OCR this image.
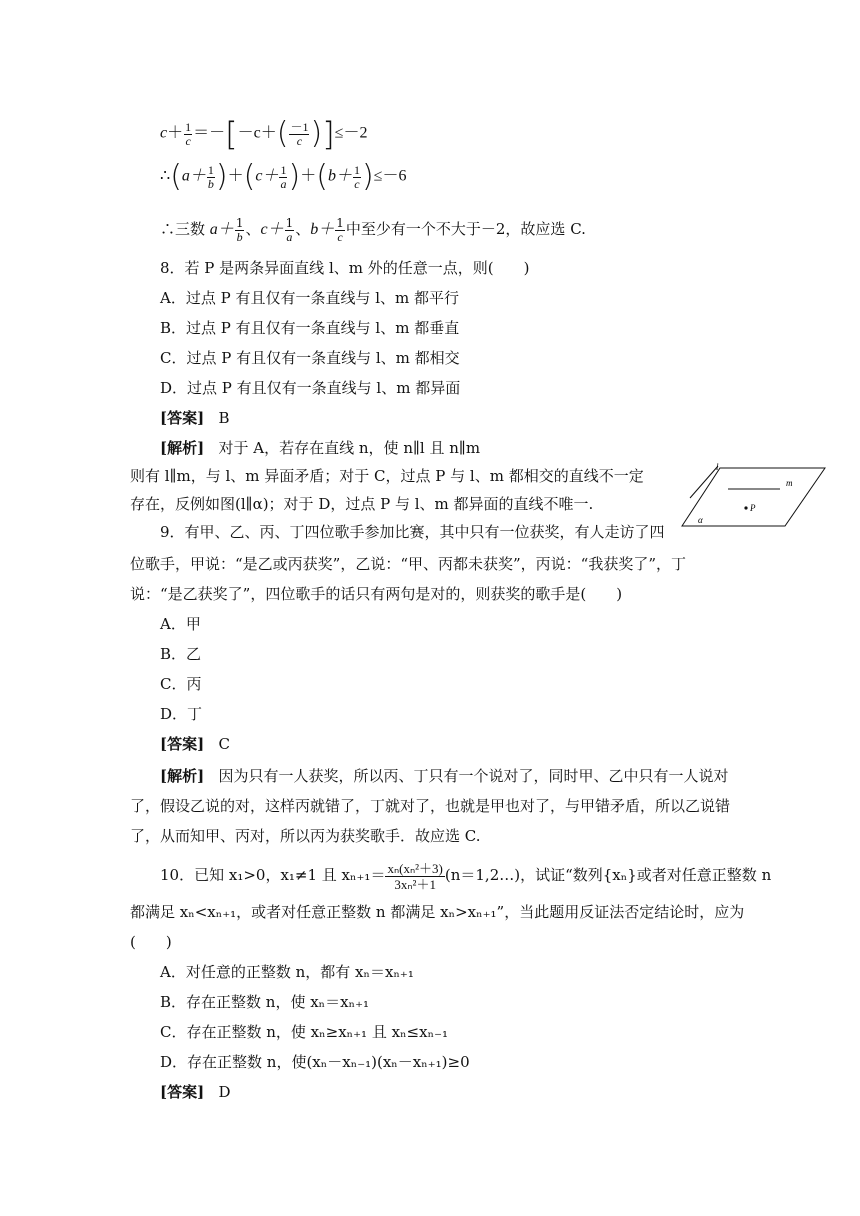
$c+ \frac{1}{c} =-[-c+( \frac{-1}{c} )]\le-2$
∴(a＋ $\frac{1}{b} )+(c+ \frac{1}{a} )+(b+ \frac{1}{c} )\le-6$
∴三数 $a+ \frac{1}{b}$ 、$c+ \frac{1}{a}$ 、$b+ \frac{1}{c}$ 中至少有一个不大于－2，故应选 C.
8．若 P 是两条异面直线 l、m 外的任意一点，则(　　)
A．过点 P 有且仅有一条直线与 l、m 都平行
B．过点 P 有且仅有一条直线与 l、m 都垂直
C．过点 P 有且仅有一条直线与 l、m 都相交
D．过点 P 有且仅有一条直线与 l、m 都异面
[答案] B
[解析] 对于 A，若存在直线 n，使 n∥l 且 n∥m
则有 l∥m，与 l、m 异面矛盾；对于 C，过点 P 与 l、m 都相交的直线不一定
存在，反例如图(l∥α)；对于 D，过点 P 与 l、m 都异面的直线不唯一.
l
m
P
α
9．有甲、乙、丙、丁四位歌手参加比赛，其中只有一位获奖，有人走访了四
位歌手，甲说：“是乙或丙获奖”，乙说：“甲、丙都未获奖”，丙说：“我获奖了”，丁
说：“是乙获奖了”，四位歌手的话只有两句是对的，则获奖的歌手是(　　)
A．甲
B．乙
C．丙
D．丁
[答案] C
[解析] 因为只有一人获奖，所以丙、丁只有一个说对了，同时甲、乙中只有一人说对
了，假设乙说的对，这样丙就错了，丁就对了，也就是甲也对了，与甲错矛盾，所以乙说错
了，从而知甲、丙对，所以丙为获奖歌手．故应选 C.
10．已知 x₁>0，x₁≠1 且 $x_{n+1}= \frac{\text{xₙ(xₙ²＋3)}}{\text{3xₙ²＋1}}$ (n＝1,2…)，试证“数列{xₙ}或者对任意正整数 n
都满足 xₙ<xₙ₊₁，或者对任意正整数 n 都满足 xₙ>xₙ₊₁”，当此题用反证法否定结论时，应为
(　　)
A．对任意的正整数 n，都有 xₙ＝xₙ₊₁
B．存在正整数 n，使 xₙ＝xₙ₊₁
C．存在正整数 n，使 xₙ≥xₙ₊₁ 且 xₙ≤xₙ₋₁
D．存在正整数 n，使(xₙ－xₙ₋₁)(xₙ－xₙ₊₁)≥0
[答案] D
